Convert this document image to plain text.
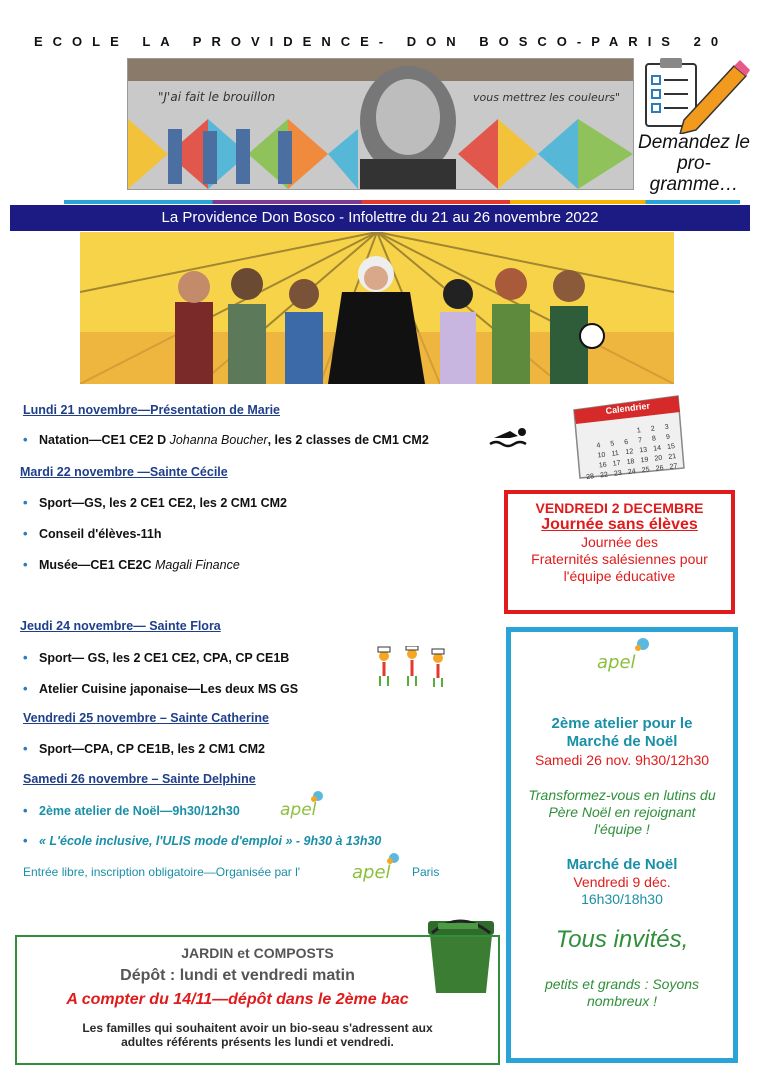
ECOLE LA PROVIDENCE- DON BOSCO-PARIS 20
"J'ai fait le brouillon	vous mettrez les couleurs"
Demandez le pro-gramme…
La Providence Don Bosco - Infolettre du 21 au 26 novembre 2022
Lundi 21 novembre—Présentation de Marie
• Natation—CE1 CE2 D Johanna Boucher, les 2 classes de CM1 CM2
Mardi 22 novembre —Sainte Cécile
• Sport—GS, les 2 CE1 CE2, les 2 CM1 CM2
• Conseil d'élèves-11h
• Musée—CE1 CE2C Magali Finance
Jeudi 24 novembre— Sainte Flora
• Sport— GS, les 2 CE1 CE2, CPA, CP CE1B
• Atelier Cuisine japonaise—Les deux MS GS
Vendredi 25 novembre – Sainte Catherine
• Sport—CPA, CP CE1B, les 2 CM1 CM2
Samedi 26 novembre – Sainte Delphine
• 2ème atelier de Noël—9h30/12h30 apel
• « L'école inclusive, l'ULIS mode d'emploi » - 9h30 à 13h30
Entrée libre, inscription obligatoire—Organisée par l'	apel Paris
Calendrier
1 2 3
4 5 6 7 8 9
10 11 12 13 14 15
16 17 18 19 20 21
22 23 24 25 26 27
28
VENDREDI 2 DECEMBRE
Journée sans élèves
Journée des
Fraternités salésiennes pour
l'équipe éducative
apel
2ème atelier pour le
Marché de Noël
Samedi 26 nov. 9h30/12h30
Transformez-vous en lutins du
Père Noël en rejoignant
l'équipe !
Marché de Noël
Vendredi 9 déc.
16h30/18h30
Tous invités,
petits et grands : Soyons
nombreux !
JARDIN et COMPOSTS
Dépôt : lundi et vendredi matin
A compter du 14/11—dépôt dans le 2ème bac
Les familles qui souhaitent avoir un bio-seau s'adressent aux
adultes référents présents les lundi et vendredi.
